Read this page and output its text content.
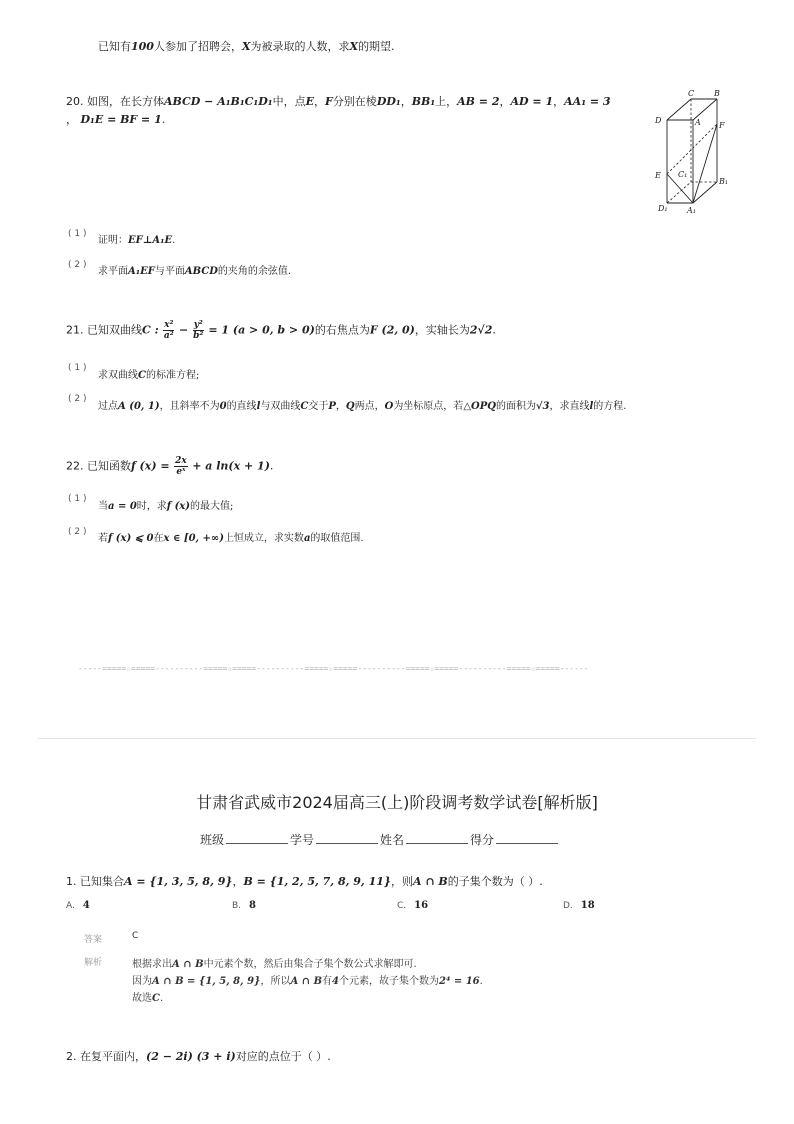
已知有100人参加了招聘会，X为被录取的人数，求X的期望.
20. 如图，在长方体ABCD − A₁B₁C₁D₁中，点E，F分别在棱DD₁，BB₁上，AB = 2，AD = 1，AA₁ = 3
， D₁E = BF = 1.
C B
D	A F
E C₁
B₁
D₁ A₁
( 1 )
证明：EF⊥A₁E.
( 2 )
求平面A₁EF与平面ABCD的夹角的余弦值.
21. 已知双曲线C : $\frac{\text{x²}}{\text{a²}} - \frac{\text{y²}}{\text{b²}} = 1$ (a > 0, b > 0)的右焦点为F (2, 0)，实轴长为2√2.
( 1 )
求双曲线C的标准方程;
( 2 )
过点A (0, 1)，且斜率不为0的直线l与双曲线C交于P，Q两点，O为坐标原点，若△OPQ的面积为√3，求直线l的方程.
22. 已知函数f $(x) = \frac{2x}{\text{eˣ}} + a$ ln(x + 1).
( 1 )
当a = 0时，求f (x)的最大值;
( 2 )
若f (x) ⩽ 0在x ∈ [0, +∞)上恒成立，求实数a的取值范围.
-----=====☆=====----------=====☆=====----------=====☆=====----------=====☆=====----------=====☆=====------
甘肃省武威市2024届高三(上)阶段调考数学试卷[解析版]
班级	学号	姓名	得分
1. 已知集合A = {1, 3, 5, 8, 9}，B = {1, 2, 5, 7, 8, 9, 11}，则A ∩ B的子集个数为（ ）.
A. 4	B. 8	C. 16	D. 18
答案	C
解析	根据求出A ∩ B中元素个数，然后由集合子集个数公式求解即可.
因为A ∩ B = {1, 5, 8, 9}，所以A ∩ B有4个元素，故子集个数为2⁴ = 16.
故选C.
2. 在复平面内，(2 − 2i) (3 + i)对应的点位于（ ）.
